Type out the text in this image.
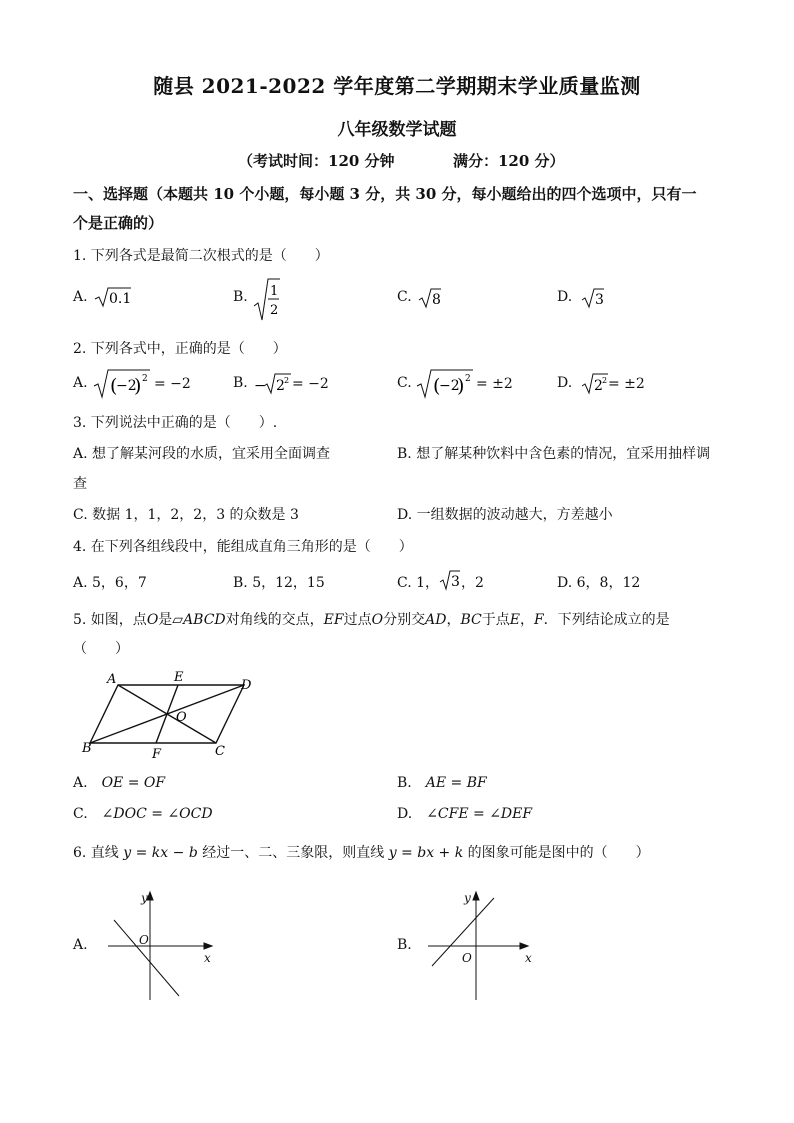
随县 2021-2022 学年度第二学期期末学业质量监测
八年级数学试题
（考试时间：120 分钟	满分：120 分）
一、选择题（本题共 10 个小题，每小题 3 分，共 30 分，每小题给出的四个选项中，只有一
个是正确的）
1. 下列各式是最简二次根式的是（　　）
A. 0.1	B. 1
2
C. 8	D. 3
2. 下列各式中，正确的是（　　）
A. (
−2
) 2 = −2	B. − 2 2 = −2	C. (
−2
) 2 = ±2	D. 2 2 = ±2
3. 下列说法中正确的是（　　）.
A. 想了解某河段的水质，宜采用全面调查	B. 想了解某种饮料中含色素的情况，宜采用抽样调
查
C. 数据 1，1，2，2，3 的众数是 3	D. 一组数据的波动越大，方差越小
4. 在下列各组线段中，能组成直角三角形的是（　　）
A. 5，6，7	B. 5，12，15	C. 1， 3 ，2	D. 6，8，12
5. 如图，点O是▱ABCD对角线的交点，EF过点O分别交AD，BC于点E，F．下列结论成立的是
（　　）
A
B	C
D
E
F
O
A. OE = OF	B. AE = BF
C. ∠DOC = ∠OCD	D. ∠CFE = ∠DEF
6. 直线 y = kx − b 经过一、二、三象限，则直线 y = bx + k 的图象可能是图中的（　　）
A.
y
x
O	B.
y
x
O
